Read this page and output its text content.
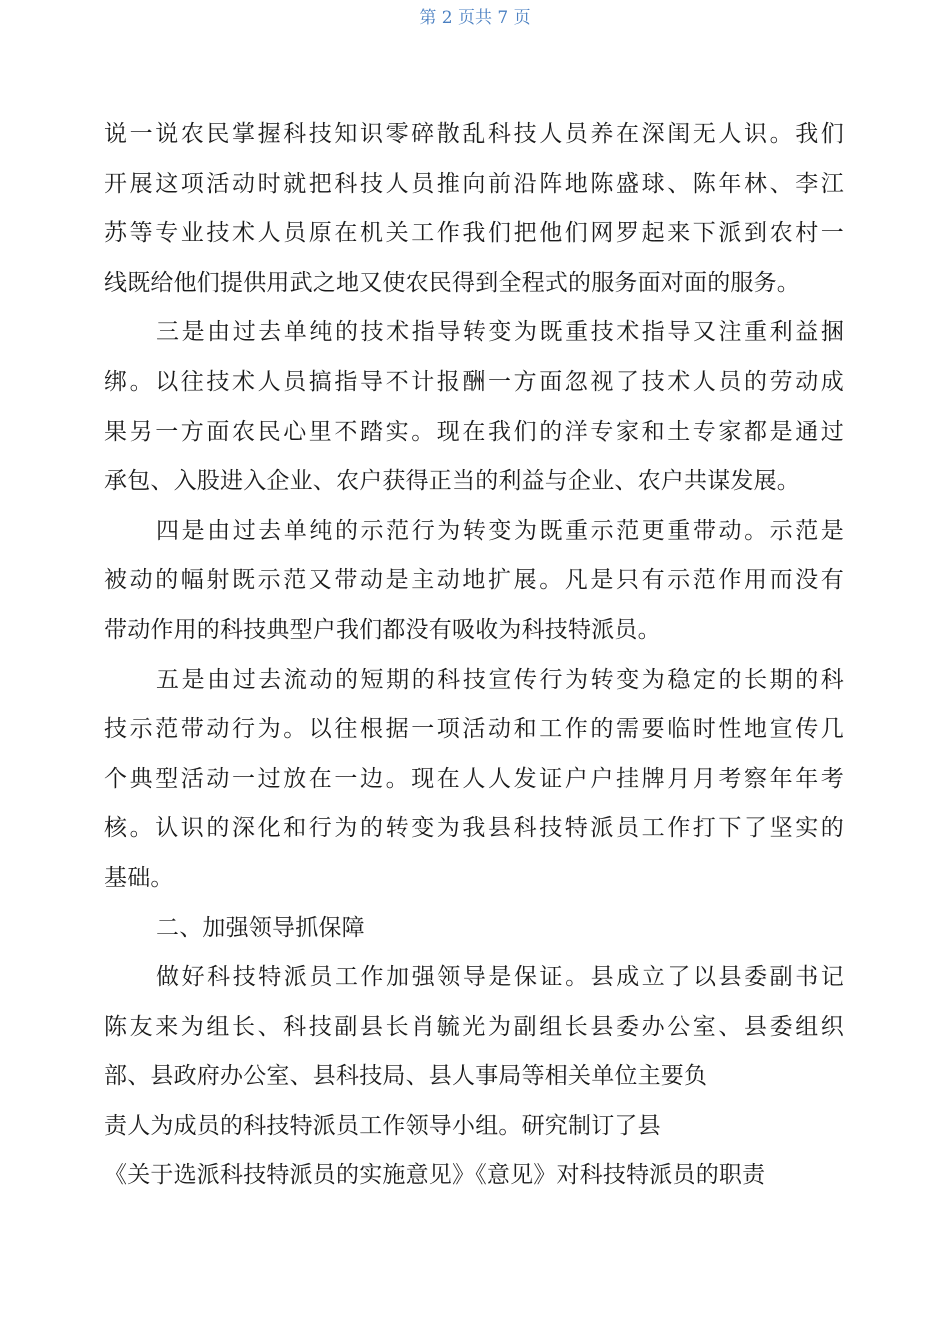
第 2 页共 7 页
说一说农民掌握科技知识零碎散乱科技人员养在深闺无人识。我们
开展这项活动时就把科技人员推向前沿阵地陈盛球、陈年林、李江
苏等专业技术人员原在机关工作我们把他们网罗起来下派到农村一
线既给他们提供用武之地又使农民得到全程式的服务面对面的服务。
三是由过去单纯的技术指导转变为既重技术指导又注重利益捆
绑。以往技术人员搞指导不计报酬一方面忽视了技术人员的劳动成
果另一方面农民心里不踏实。现在我们的洋专家和土专家都是通过
承包、入股进入企业、农户获得正当的利益与企业、农户共谋发展。
四是由过去单纯的示范行为转变为既重示范更重带动。示范是
被动的幅射既示范又带动是主动地扩展。凡是只有示范作用而没有
带动作用的科技典型户我们都没有吸收为科技特派员。
五是由过去流动的短期的科技宣传行为转变为稳定的长期的科
技示范带动行为。以往根据一项活动和工作的需要临时性地宣传几
个典型活动一过放在一边。现在人人发证户户挂牌月月考察年年考
核。认识的深化和行为的转变为我县科技特派员工作打下了坚实的
基础。
二、加强领导抓保障
做好科技特派员工作加强领导是保证。县成立了以县委副书记
陈友来为组长、科技副县长肖毓光为副组长县委办公室、县委组织
部、县政府办公室、县科技局、县人事局等相关单位主要负
责人为成员的科技特派员工作领导小组。研究制订了县
《关于选派科技特派员的实施意见》《意见》对科技特派员的职责
